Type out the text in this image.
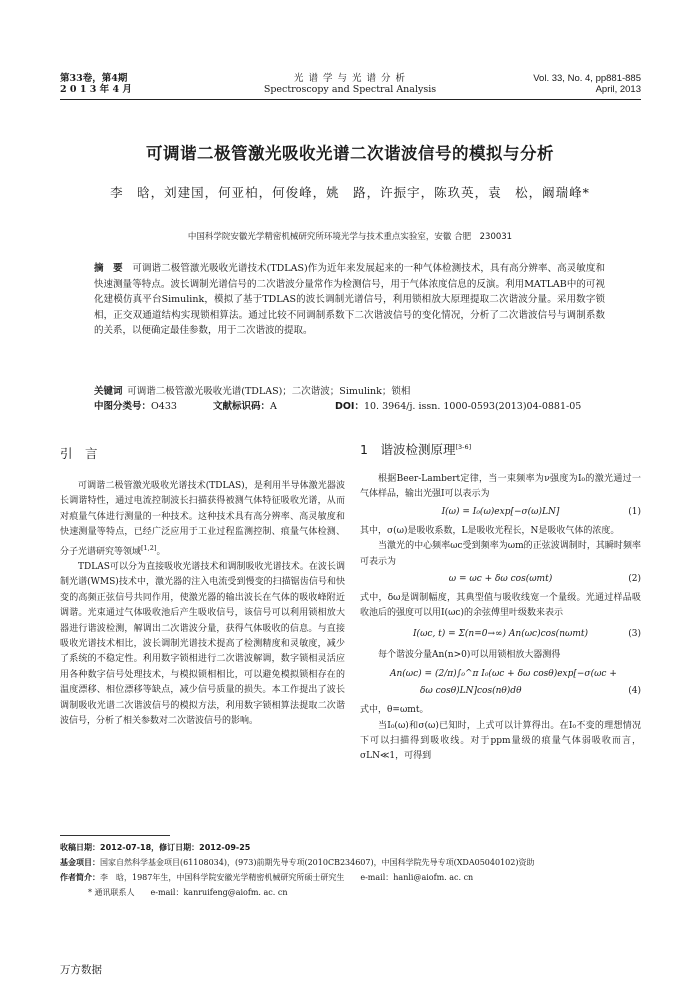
第33卷，第4期
2 0 1 3 年 4 月
光 谱 学 与 光 谱 分 析
Spectroscopy and Spectral Analysis
Vol. 33, No. 4, pp881-885
April, 2013
可调谐二极管激光吸收光谱二次谐波信号的模拟与分析
李　晗，刘建国，何亚柏，何俊峰，姚　路，许振宇，陈玖英，袁　松，阚瑞峰*
中国科学院安徽光学精密机械研究所环境光学与技术重点实验室，安徽 合肥　230031
摘　要  可调谐二极管激光吸收光谱技术(TDLAS)作为近年来发展起来的一种气体检测技术，具有高分辨率、高灵敏度和快速测量等特点。波长调制光谱信号的二次谐波分量常作为检测信号，用于气体浓度信息的反演。利用MATLAB中的可视化建模仿真平台Simulink，模拟了基于TDLAS的波长调制光谱信号，利用锁相放大原理提取二次谐波分量。采用数字锁相，正交双通道结构实现锁相算法。通过比较不同调制系数下二次谐波信号的变化情况，分析了二次谐波信号与调制系数的关系，以便确定最佳参数，用于二次谐波的提取。
关键词  可调谐二极管激光吸收光谱(TDLAS)；二次谐波；Simulink；锁相
中图分类号：O433	文献标识码：A	DOI：10. 3964/j. issn. 1000-0593(2013)04-0881-05
引　言

可调谐二极管激光吸收光谱技术(TDLAS)，是利用半导体激光器波长调谐特性，通过电流控制波长扫描获得被测气体特征吸收光谱，从而对痕量气体进行测量的一种技术。这种技术具有高分辨率、高灵敏度和快速测量等特点，已经广泛应用于工业过程监测控制、痕量气体检测、分子光谱研究等领域[1,2]。

TDLAS可以分为直接吸收光谱技术和调制吸收光谱技术。在波长调制光谱(WMS)技术中，激光器的注入电流受到慢变的扫描锯齿信号和快变的高频正弦信号共同作用，使激光器的输出波长在气体的吸收峰附近调谐。光束通过气体吸收池后产生吸收信号，该信号可以利用锁相放大器进行谐波检测，解调出二次谐波分量，获得气体吸收的信息。与直接吸收光谱技术相比，波长调制光谱技术提高了检测精度和灵敏度，减少了系统的不稳定性。利用数字锁相进行二次谐波解调，数字锁相灵活应用各种数字信号处理技术，与模拟锁相相比，可以避免模拟锁相存在的温度漂移、相位漂移等缺点，减少信号质量的损失。本工作提出了波长调制吸收光谱二次谐波信号的模拟方法，利用数字锁相算法提取二次谐波信号，分析了相关参数对二次谐波信号的影响。

1　谐波检测原理[3-6]

根据Beer-Lambert定律，当一束频率为ν强度为I₀的激光通过一气体样品，输出光强I可以表示为

I(ω) = I₀(ω)exp[−σ(ω)LN]	(1)

其中，σ(ω)是吸收系数，L是吸收光程长，N是吸收气体的浓度。

当激光的中心频率ωc受到频率为ωm的正弦波调制时，其瞬时频率可表示为

ω = ωc + δω cos(ωmt)	(2)

式中，δω是调制幅度，其典型值与吸收线宽一个量级。光通过样品吸收池后的强度可以用I(ωc)的余弦傅里叶级数来表示

I(ωc, t) = Σ(n=0→∞) An(ωc)cos(nωmt)	(3)

每个谐波分量An(n>0)可以用锁相放大器测得

An(ωc) = (2/π)∫₀^π I₀(ωc + δω cosθ)exp[−σ(ωc +
δω cosθ)LN]cos(nθ)dθ	(4)

式中，θ=ωmt。

当I₀(ω)和σ(ω)已知时，上式可以计算得出。在I₀不变的理想情况下可以扫描得到吸收线。对于ppm量级的痕量气体弱吸收而言，σLN≪1，可得到

收稿日期：2012-07-18，修订日期：2012-09-25
基金项目：国家自然科学基金项目(61108034)，(973)前期先导专项(2010CB234607)，中国科学院先导专项(XDA05040102)资助
作者简介：李　晗，1987年生，中国科学院安徽光学精密机械研究所硕士研究生　　e-mail：hanli@aiofm. ac. cn
* 通讯联系人　　e-mail：kanruifeng@aiofm. ac. cn
万方数据
